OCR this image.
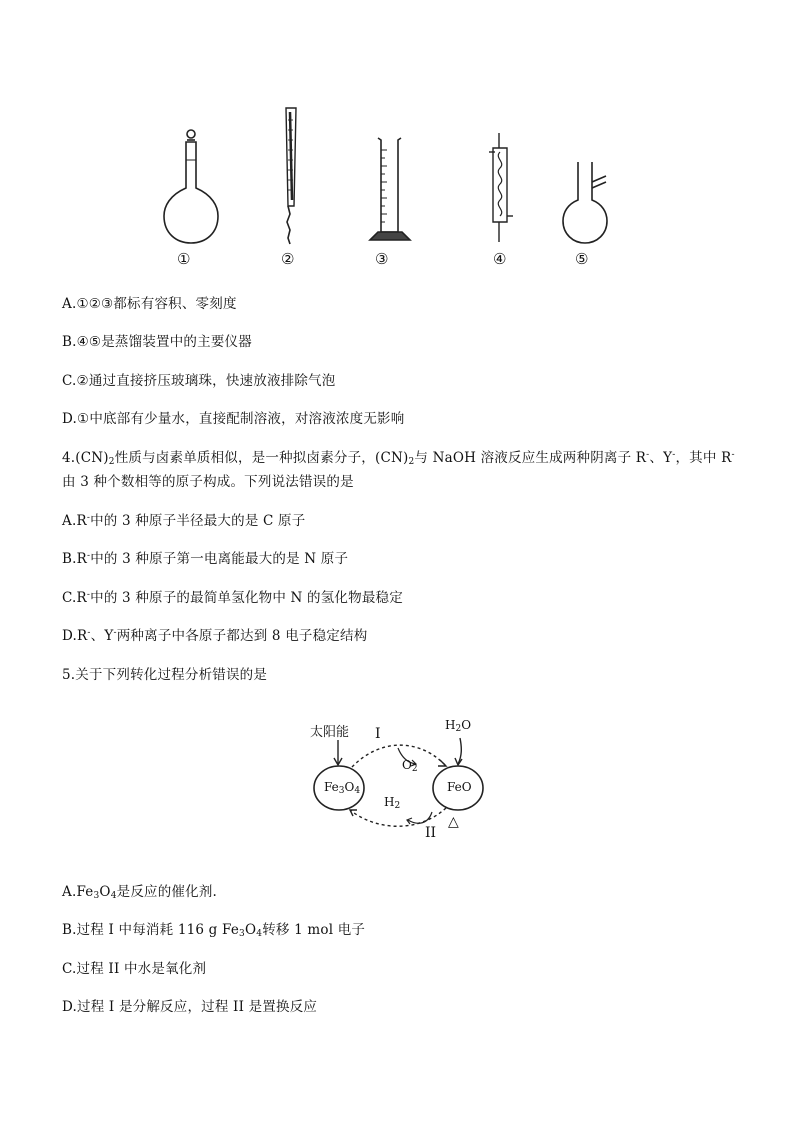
①	②	③	④	⑤
A.①②③都标有容积、零刻度
B.④⑤是蒸馏装置中的主要仪器
C.②通过直接挤压玻璃珠，快速放液排除气泡
D.①中底部有少量水，直接配制溶液，对溶液浓度无影响
$4.(CN)_2$性质与卤素单质相似，是一种拟卤素分子，$(CN)_2$与 NaOH 溶液反应生成两种阴离子 R-、Y-，其中 R-
由 3 种个数相等的原子构成。下列说法错误的是
A.R-中的 3 种原子半径最大的是 C 原子
B.R-中的 3 种原子第一电离能最大的是 N 原子
C.R-中的 3 种原子的最简单氢化物中 N 的氢化物最稳定
D.R-、Y-两种离子中各原子都达到 8 电子稳定结构
5.关于下列转化过程分析错误的是
太阳能 I
$O_2$
$H_2O$
$Fe_3O_4$	FeO
$H_2$
II
△
$A.Fe_3O_4$是反应的催化剂.
B.过程 I 中每消耗 116 g $Fe_3O_4$转移 1 mol 电子
C.过程 II 中水是氧化剂
D.过程 I 是分解反应，过程 II 是置换反应
